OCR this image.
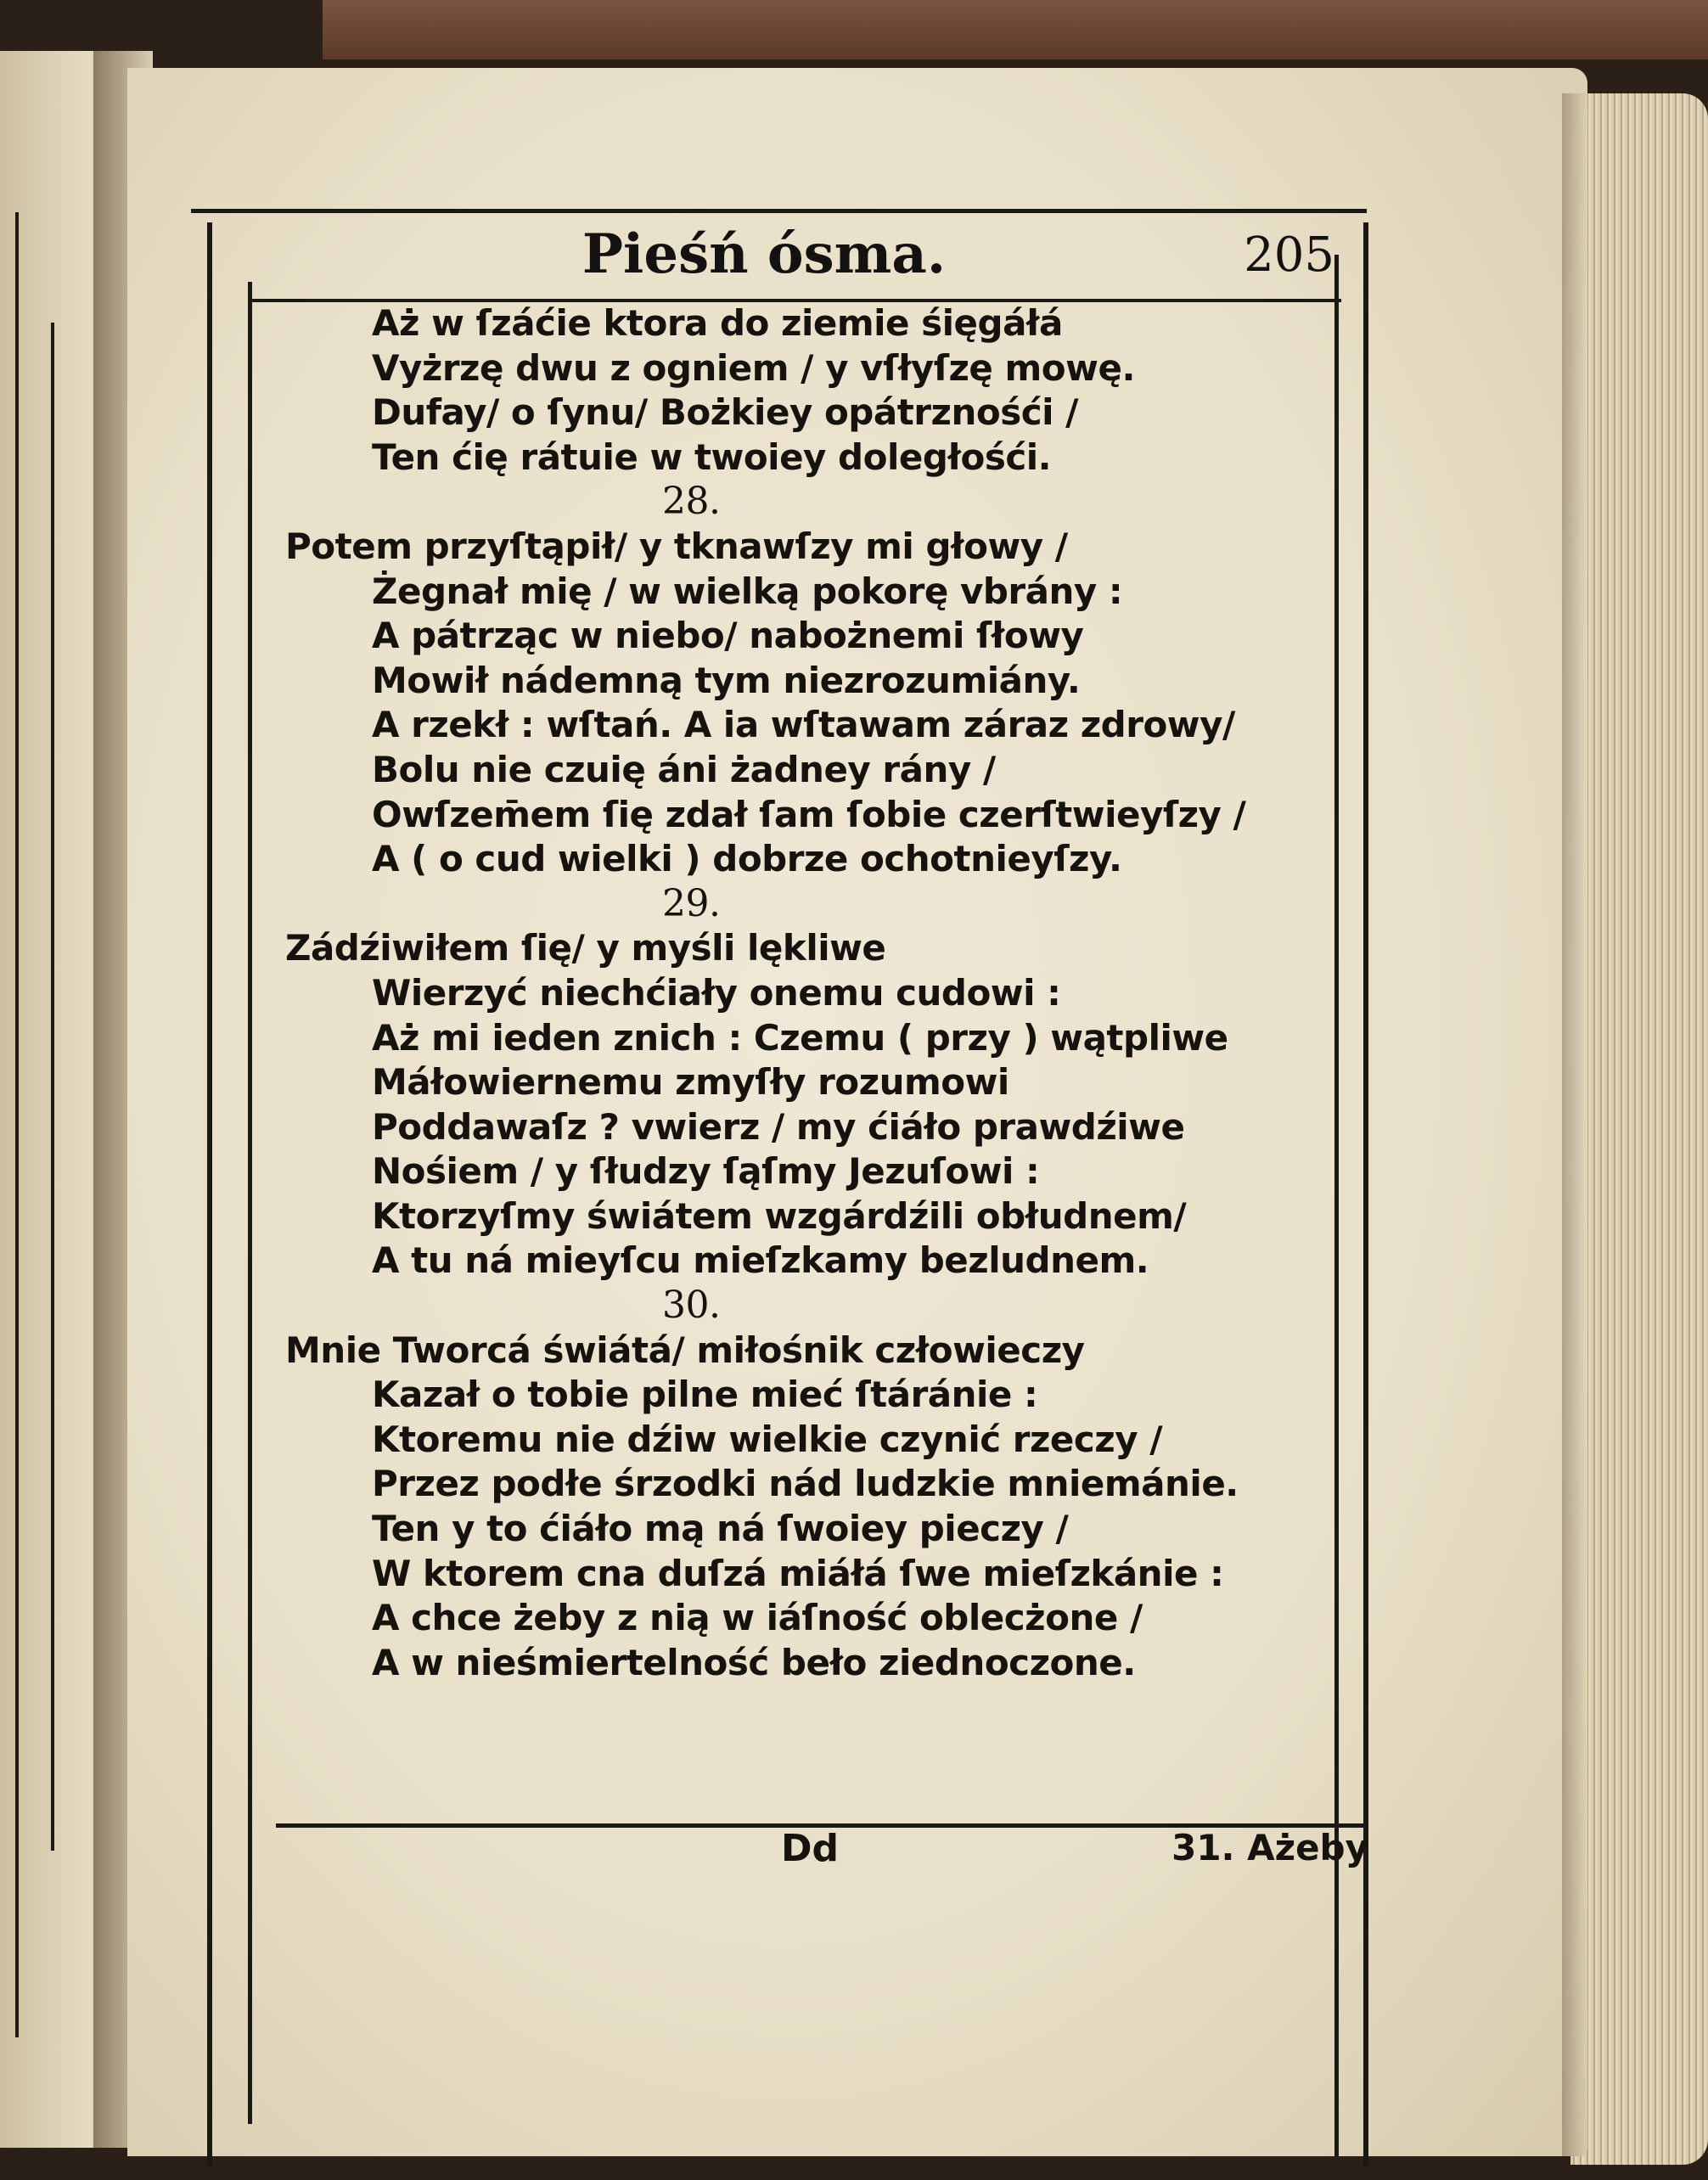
Pieśń ósma.	205
Aż w ſzáćie ktora do ziemie śięgáłá
Vyżrzę dwu z ogniem / y vſłyſzę mowę.
Dufay/ o ſynu/ Bożkiey opátrznośći /
Ten ćię rátuie w twoiey doległośći.
28.
Potem przyſtąpił/ y tknawſzy mi głowy /
Żegnał mię / w wielką pokorę vbrány :
A pátrząc w niebo/ nabożnemi ſłowy
Mowił nádemną tym niezrozumiány.
A rzekł : wſtań. A ia wſtawam záraz zdrowy/
Bolu nie czuię áni żadney rány /
Owſzem̄em ſię zdał ſam ſobie czerſtwieyſzy /
A ( o cud wielki ) dobrze ochotnieyſzy.
29.
Zádźiwiłem ſię/ y myśli lękliwe
Wierzyć niechćiały onemu cudowi :
Aż mi ieden znich : Czemu ( przy ) wątpliwe
Máłowiernemu zmyſły rozumowi
Poddawaſz ? vwierz / my ćiáło prawdźiwe
Nośiem / y ſłudzy ſąſmy Jezuſowi :
Ktorzyſmy świátem wzgárdźili obłudnem/
A tu ná mieyſcu mieſzkamy bezludnem.
30.
Mnie Tworcá świátá/ miłośnik człowieczy
Kazał o tobie pilne mieć ſtáránie :
Ktoremu nie dźiw wielkie czynić rzeczy /
Przez podłe śrzodki nád ludzkie mniemánie.
Ten y to ćiáło mą ná ſwoiey pieczy /
W ktorem cna duſzá miáłá ſwe mieſzkánie :
A chce żeby z nią w iáſność oblecżone /
A w nieśmiertelność beło ziednoczone.
Dd	31. Ażeby
